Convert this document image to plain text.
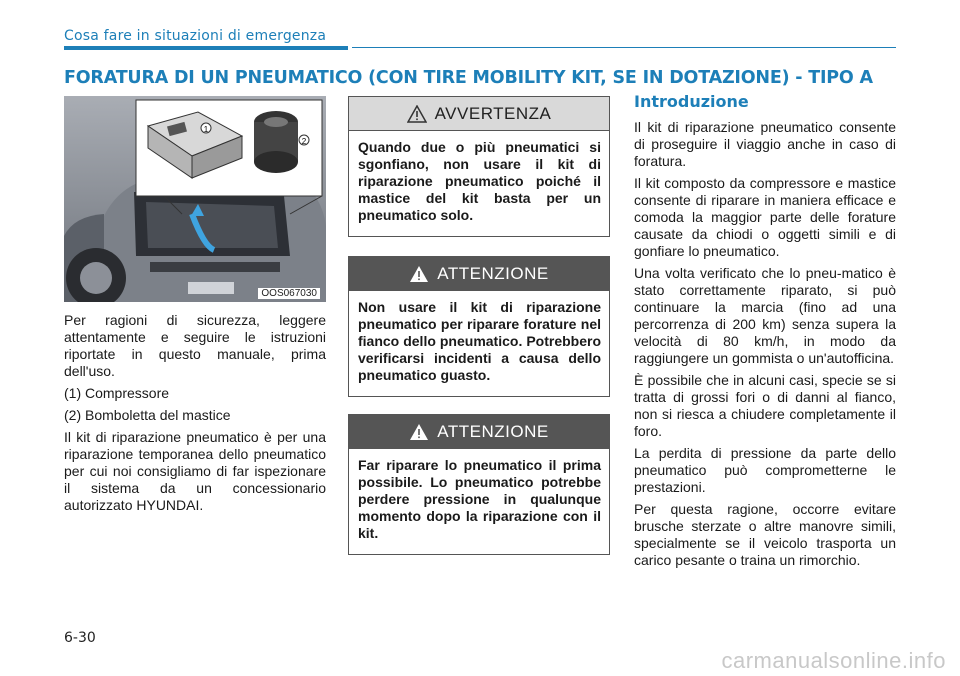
Cosa fare in situazioni di emergenza
FORATURA DI UN PNEUMATICO (CON TIRE MOBILITY KIT, SE IN DOTAZIONE) - TIPO A
1
2
OOS067030

Per ragioni di sicurezza, leggere attentamente e seguire le istruzioni riportate in questo manuale, prima dell'uso.

(1) Compressore

(2) Bomboletta del mastice

Il kit di riparazione pneumatico è per una riparazione temporanea dello pneumatico per cui noi consigliamo di far ispezionare il sistema da un concessionario autorizzato HYUNDAI.

AVVERTENZA
Quando due o più pneumatici si sgonfiano, non usare il kit di riparazione pneumatico poiché il mastice del kit basta per un pneumatico solo.
ATTENZIONE
Non usare il kit di riparazione pneumatico per riparare forature nel fianco dello pneumatico. Potrebbero verificarsi incidenti a causa dello pneumatico guasto.
ATTENZIONE
Far riparare lo pneumatico il prima possibile. Lo pneumatico potrebbe perdere pressione in qualunque momento dopo la riparazione con il kit.
Introduzione

Il kit di riparazione pneumatico consente di proseguire il viaggio anche in caso di foratura.

Il kit composto da compressore e mastice consente di riparare in maniera efficace e comoda la maggior parte delle forature causate da chiodi o oggetti simili e di gonfiare lo pneumatico.

Una volta verificato che lo pneu-matico è stato correttamente riparato, si può continuare la marcia (fino ad una percorrenza di 200 km) senza supera la velocità di 80 km/h, in modo da raggiungere un gommista o un'autofficina.

È possibile che in alcuni casi, specie se si tratta di grossi fori o di danni al fianco, non si riesca a chiudere completamente il foro.

La perdita di pressione da parte dello pneumatico può comprometterne le prestazioni.

Per questa ragione, occorre evitare brusche sterzate o altre manovre simili, specialmente se il veicolo trasporta un carico pesante o traina un rimorchio.

6-30
carmanualsonline.info
